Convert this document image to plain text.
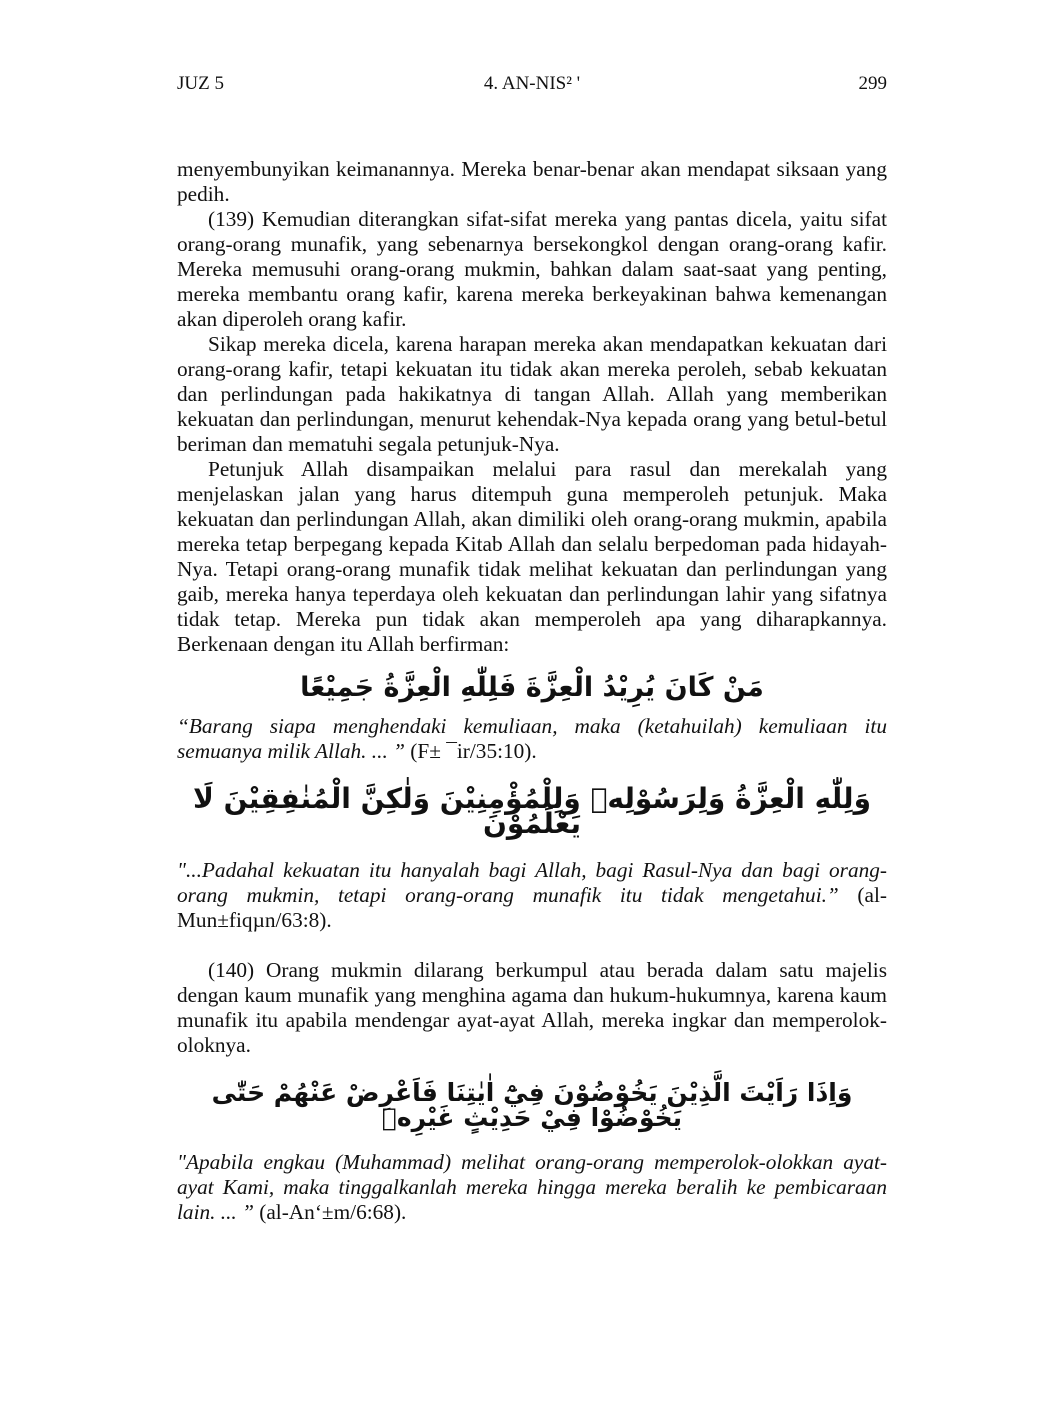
JUZ 5	4. AN-NIS² '	299

menyembunyikan keimanannya. Mereka benar-benar akan mendapat siksaan yang pedih.

(139) Kemudian diterangkan sifat-sifat mereka yang pantas dicela, yaitu sifat orang-orang munafik, yang sebenarnya bersekongkol dengan orang-orang kafir. Mereka memusuhi orang-orang mukmin, bahkan dalam saat-saat yang penting, mereka membantu orang kafir, karena mereka berkeyakinan bahwa kemenangan akan diperoleh orang kafir.

Sikap mereka dicela, karena harapan mereka akan mendapatkan kekuatan dari orang-orang kafir, tetapi kekuatan itu tidak akan mereka peroleh, sebab kekuatan dan perlindungan pada hakikatnya di tangan Allah. Allah yang memberikan kekuatan dan perlindungan, menurut kehendak-Nya kepada orang yang betul-betul beriman dan mematuhi segala petunjuk-Nya.

Petunjuk Allah disampaikan melalui para rasul dan merekalah yang menjelaskan jalan yang harus ditempuh guna memperoleh petunjuk. Maka kekuatan dan perlindungan Allah, akan dimiliki oleh orang-orang mukmin, apabila mereka tetap berpegang kepada Kitab Allah dan selalu berpedoman pada hidayah-Nya. Tetapi orang-orang munafik tidak melihat kekuatan dan perlindungan yang gaib, mereka hanya teperdaya oleh kekuatan dan perlindungan lahir yang sifatnya tidak tetap. Mereka pun tidak akan memperoleh apa yang diharapkannya. Berkenaan dengan itu Allah berfirman:

مَنْ كَانَ يُرِيْدُ الْعِزَّةَ فَلِلّٰهِ الْعِزَّةُ جَمِيْعًا

“Barang siapa menghendaki kemuliaan, maka (ketahuilah) kemuliaan itu semuanya milik Allah. ... ” (F± ¯ir/35:10).

وَلِلّٰهِ الْعِزَّةُ وَلِرَسُوْلِهٖ وَلِلْمُؤْمِنِيْنَ وَلٰكِنَّ الْمُنٰفِقِيْنَ لَا يَعْلَمُوْنَ

"...Padahal kekuatan itu hanyalah bagi Allah, bagi Rasul-Nya dan bagi orang-orang mukmin, tetapi orang-orang munafik itu tidak mengetahui.” (al-Mun±fiqµn/63:8).

(140) Orang mukmin dilarang berkumpul atau berada dalam satu majelis dengan kaum munafik yang menghina agama dan hukum-hukumnya, karena kaum munafik itu apabila mendengar ayat-ayat Allah, mereka ingkar dan memperolok-oloknya.

وَاِذَا رَاَيْتَ الَّذِيْنَ يَخُوْضُوْنَ فِيْٓ اٰيٰتِنَا فَاَعْرِضْ عَنْهُمْ حَتّٰى يَخُوْضُوْا فِيْ حَدِيْثٍ غَيْرِهٖ

"Apabila engkau (Muhammad) melihat orang-orang memperolok-olokkan ayat-ayat Kami, maka tinggalkanlah mereka hingga mereka beralih ke pembicaraan lain. ... ” (al-An‘±m/6:68).
